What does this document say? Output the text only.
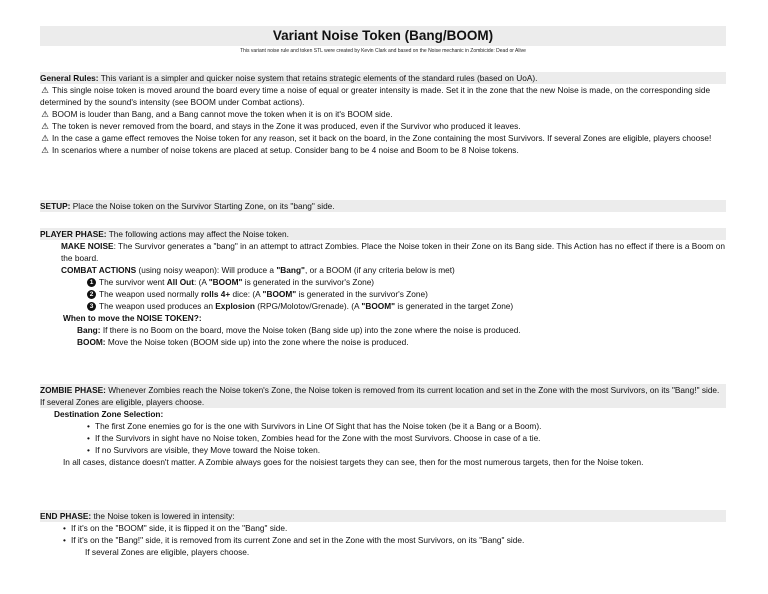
Variant Noise Token (Bang/BOOM)
This variant noise rule and token STL were created by Kevin Clark and based on the Noise mechanic in Zombicide: Dead or Alive
General Rules: This variant is a simpler and quicker noise system that retains strategic elements of the standard rules (based on UoA).
⚠ This single noise token is moved around the board every time a noise of equal or greater intensity is made. Set it in the zone that the new Noise is made, on the corresponding side determined by the sound's intensity (see BOOM under Combat actions).
⚠ BOOM is louder than Bang, and a Bang cannot move the token when it is on it's BOOM side.
⚠ The token is never removed from the board, and stays in the Zone it was produced, even if the Survivor who produced it leaves.
⚠ In the case a game effect removes the Noise token for any reason, set it back on the board, in the Zone containing the most Survivors. If several Zones are eligible, players choose!
⚠ In scenarios where a number of noise tokens are placed at setup. Consider bang to be 4 noise and Boom to be 8 Noise tokens.
SETUP: Place the Noise token on the Survivor Starting Zone, on its "bang" side.
PLAYER PHASE: The following actions may affect the Noise token.
MAKE NOISE: The Survivor generates a "bang" in an attempt to attract Zombies. Place the Noise token in their Zone on its Bang side. This Action has no effect if there is a Boom on the board.
COMBAT ACTIONS (using noisy weapon): Will produce a "Bang", or a BOOM (if any criteria below is met)
1 The survivor went All Out: (A "BOOM" is generated in the survivor's Zone)
2 The weapon used normally rolls 4+ dice: (A "BOOM" is generated in the survivor's Zone)
3 The weapon used produces an Explosion (RPG/Molotov/Grenade). (A "BOOM" is generated in the target Zone)
When to move the NOISE TOKEN?:
Bang: If there is no Boom on the board, move the Noise token (Bang side up) into the zone where the noise is produced.
BOOM: Move the Noise token (BOOM side up) into the zone where the noise is produced.
ZOMBIE PHASE: Whenever Zombies reach the Noise token's Zone, the Noise token is removed from its current location and set in the Zone with the most Survivors, on its "Bang!" side. If several Zones are eligible, players choose.
Destination Zone Selection:
• The first Zone enemies go for is the one with Survivors in Line Of Sight that has the Noise token (be it a Bang or a Boom).
• If the Survivors in sight have no Noise token, Zombies head for the Zone with the most Survivors. Choose in case of a tie.
• If no Survivors are visible, they Move toward the Noise token.
In all cases, distance doesn't matter. A Zombie always goes for the noisiest targets they can see, then for the most numerous targets, then for the Noise token.
END PHASE: the Noise token is lowered in intensity:
• If it's on the "BOOM" side, it is flipped it on the "Bang" side.
• If it's on the "Bang!" side, it is removed from its current Zone and set in the Zone with the most Survivors, on its "Bang" side.
If several Zones are eligible, players choose.
